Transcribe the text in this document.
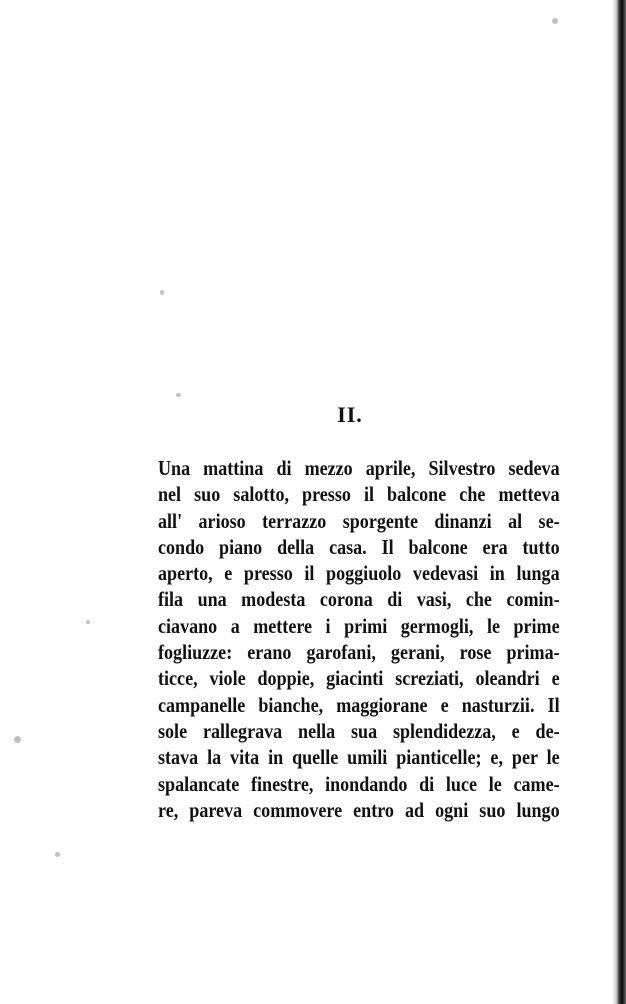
II.
Una mattina di mezzo aprile, Silvestro sedeva
nel suo salotto, presso il balcone che metteva
all' arioso terrazzo sporgente dinanzi al se-
condo piano della casa. Il balcone era tutto
aperto, e presso il poggiuolo vedevasi in lunga
fila una modesta corona di vasi, che comin-
ciavano a mettere i primi germogli, le prime
fogliuzze: erano garofani, gerani, rose prima-
ticce, viole doppie, giacinti screziati, oleandri e
campanelle bianche, maggiorane e nasturzii. Il
sole rallegrava nella sua splendidezza, e de-
stava la vita in quelle umili pianticelle; e, per le
spalancate finestre, inondando di luce le came-
re, pareva commovere entro ad ogni suo lungo
